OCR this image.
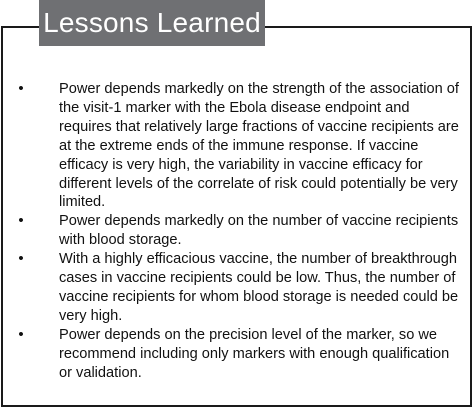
Lessons Learned
• Power depends markedly on the strength of the association of the visit-1 marker with the Ebola disease endpoint and requires that relatively large fractions of vaccine recipients are at the extreme ends of the immune response. If vaccine efficacy is very high, the variability in vaccine efficacy for different levels of the correlate of risk could potentially be very limited.
• Power depends markedly on the number of vaccine recipients with blood storage.
• With a highly efficacious vaccine, the number of breakthrough cases in vaccine recipients could be low. Thus, the number of vaccine recipients for whom blood storage is needed could be very high.
• Power depends on the precision level of the marker, so we recommend including only markers with enough qualification or validation.
